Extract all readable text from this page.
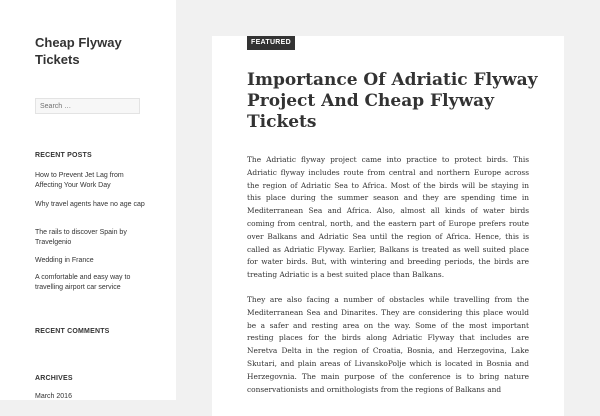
Cheap Flyway Tickets
Search …
RECENT POSTS
How to Prevent Jet Lag from Affecting Your Work Day
Why travel agents have no age cap
The rails to discover Spain by Travelgenio
Wedding in France
A comfortable and easy way to travelling airport car service
RECENT COMMENTS
ARCHIVES
March 2016
FEATURED
Importance Of Adriatic Flyway Project And Cheap Flyway Tickets

The Adriatic flyway project came into practice to protect birds. This Adriatic flyway includes route from central and northern Europe across the region of Adriatic Sea to Africa. Most of the birds will be staying in this place during the summer season and they are spending time in Mediterranean Sea and Africa. Also, almost all kinds of water birds coming from central, north, and the eastern part of Europe prefers route over Balkans and Adriatic Sea until the region of Africa. Hence, this is called as Adriatic Flyway. Earlier, Balkans is treated as well suited place for water birds. But, with wintering and breeding periods, the birds are treating Adriatic is a best suited place than Balkans.

They are also facing a number of obstacles while travelling from the Mediterranean Sea and Dinarites. They are considering this place would be a safer and resting area on the way. Some of the most important resting places for the birds along Adriatic Flyway that includes are Neretva Delta in the region of Croatia, Bosnia, and Herzegovina, Lake Skutari, and plain areas of LivanskoPolje which is located in Bosnia and Herzegovnia. The main purpose of the conference is to bring nature conservationists and ornithologists from the regions of Balkans and
